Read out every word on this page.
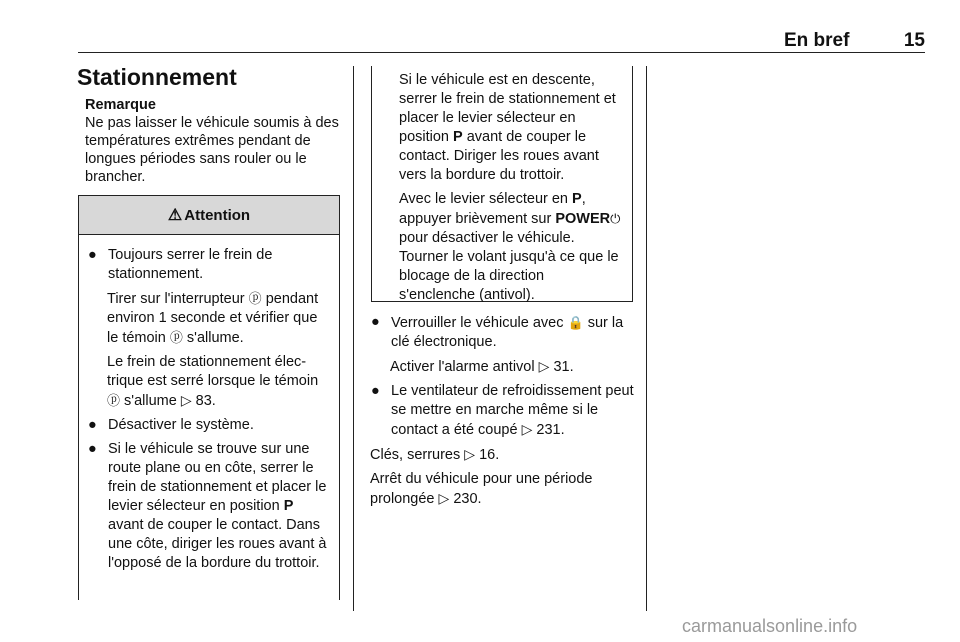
En bref	15
Stationnement
Remarque
Ne pas laisser le véhicule soumis à des températures extrêmes pendant de longues périodes sans rouler ou le brancher.
⚠ Attention
● Toujours serrer le frein de stationnement.
Tirer sur l'interrupteur ⓟ pendant environ 1 seconde et vérifier que le témoin ⓟ s'allume.
Le frein de stationnement électrique est serré lorsque le témoin ⓟ s'allume ▷ 83.
● Désactiver le système.
● Si le véhicule se trouve sur une route plane ou en côte, serrer le frein de stationnement et placer le levier sélecteur en position P avant de couper le contact. Dans une côte, diriger les roues avant à l'opposé de la bordure du trottoir.

Si le véhicule est en descente, serrer le frein de stationnement et placer le levier sélecteur en position P avant de couper le contact. Diriger les roues avant vers la bordure du trottoir.

Avec le levier sélecteur en P, appuyer brièvement sur POWER⏻ pour désactiver le véhicule. Tourner le volant jusqu'à ce que le blocage de la direction s'enclenche (antivol).

● Verrouiller le véhicule avec 🔒 sur la clé électronique.
Activer l'alarme antivol ▷ 31.
● Le ventilateur de refroidissement peut se mettre en marche même si le contact a été coupé ▷ 231.

Clés, serrures ▷ 16.

Arrêt du véhicule pour une période prolongée ▷ 230.

carmanualsonline.info
